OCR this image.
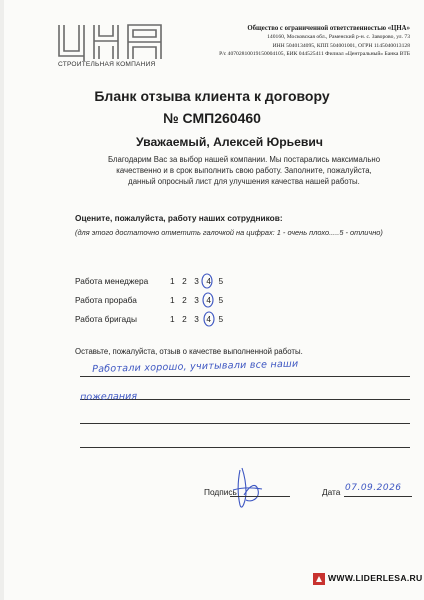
СТРОИТЕЛЬНАЯ КОМПАНИЯ
Общество с ограниченной ответственностью «ЦНА»
140160, Московская обл., Раменский р-н. с. Заворово, ул. 73
ИНН 5040134095, КПП 504001001, ОГРН 1145040013128
Р/с 40702810019150004105, БИК 044525411 Филиал «Центральный» Банка ВТБ
Бланк отзыва клиента к договору
№ СМП260460
Уважаемый, Алексей Юрьевич
Благодарим Вас за выбор нашей компании. Мы постарались максимально
качественно и в срок выполнить свою работу. Заполните, пожалуйста,
данный опросный лист для улучшения качества нашей работы.
Оцените, пожалуйста, работу наших сотрудников:
(для этого достаточно отметить галочкой на цифрах: 1 - очень плохо.....5 - отлично)
Работа менеджера	1 2 3 4 5
Работа прораба	1 2 3 4 5
Работа бригады	1 2 3 4 5
Оставьте, пожалуйста, отзыв о качестве выполненной работы.
Работали хорошо, учитывали все наши
пожелания
Подпись	Дата 07.09.2026
WWW.LIDERLESA.RU
